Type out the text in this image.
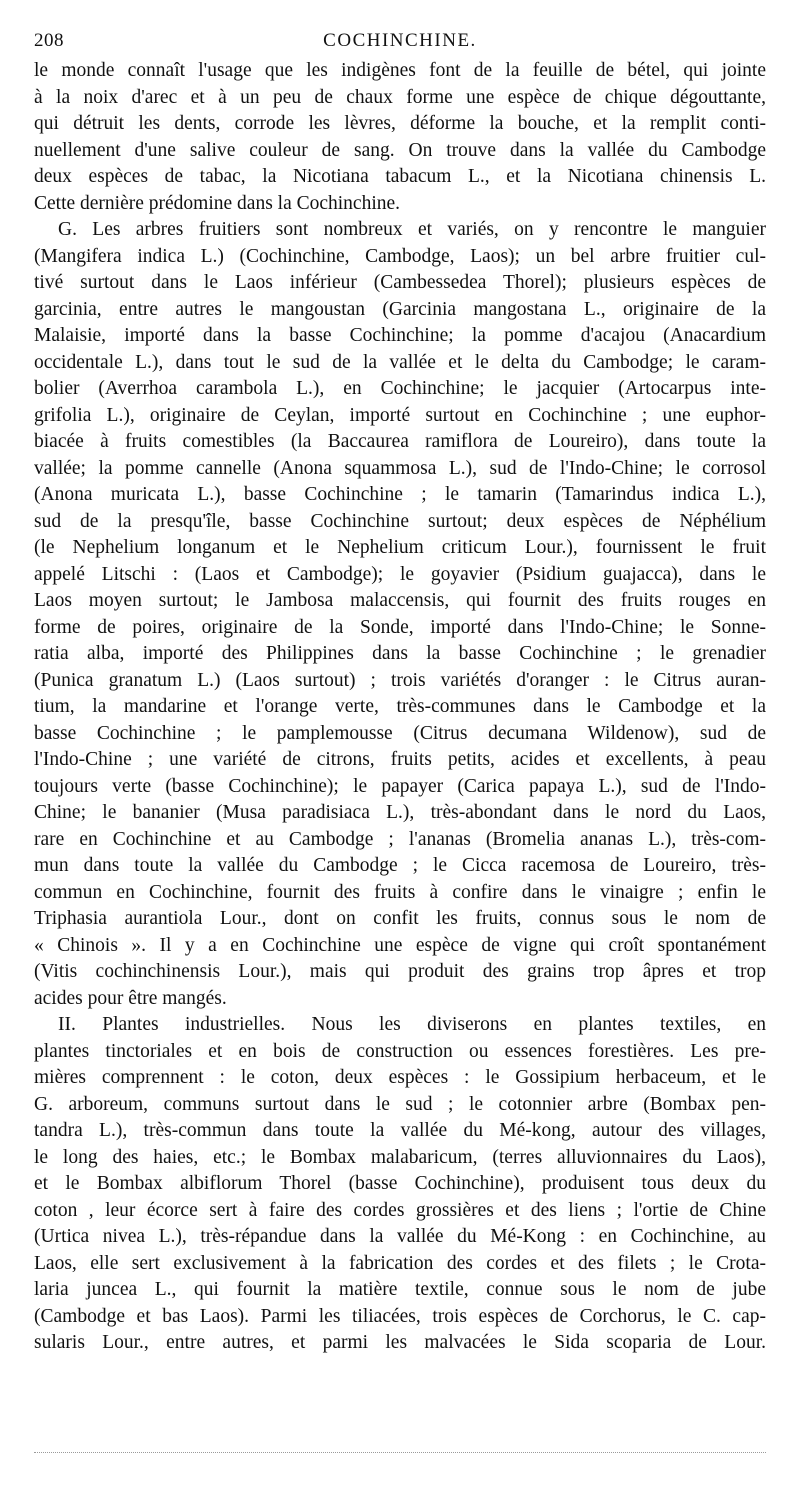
208	COCHINCHINE.
le monde connaît l'usage que les indigènes font de la feuille de bétel, qui jointe
à la noix d'arec et à un peu de chaux forme une espèce de chique dégouttante,
qui détruit les dents, corrode les lèvres, déforme la bouche, et la remplit conti-
nuellement d'une salive couleur de sang. On trouve dans la vallée du Cambodge
deux espèces de tabac, la Nicotiana tabacum L., et la Nicotiana chinensis L.
Cette dernière prédomine dans la Cochinchine.
G. Les arbres fruitiers sont nombreux et variés, on y rencontre le manguier
(Mangifera indica L.) (Cochinchine, Cambodge, Laos); un bel arbre fruitier cul-
tivé surtout dans le Laos inférieur (Cambessedea Thorel); plusieurs espèces de
garcinia, entre autres le mangoustan (Garcinia mangostana L., originaire de la
Malaisie, importé dans la basse Cochinchine; la pomme d'acajou (Anacardium
occidentale L.), dans tout le sud de la vallée et le delta du Cambodge; le caram-
bolier (Averrhoa carambola L.), en Cochinchine; le jacquier (Artocarpus inte-
grifolia L.), originaire de Ceylan, importé surtout en Cochinchine ; une euphor-
biacée à fruits comestibles (la Baccaurea ramiflora de Loureiro), dans toute la
vallée; la pomme cannelle (Anona squammosa L.), sud de l'Indo-Chine; le corrosol
(Anona muricata L.), basse Cochinchine ; le tamarin (Tamarindus indica L.),
sud de la presqu'île, basse Cochinchine surtout; deux espèces de Néphélium
(le Nephelium longanum et le Nephelium criticum Lour.), fournissent le fruit
appelé Litschi : (Laos et Cambodge); le goyavier (Psidium guajacca), dans le
Laos moyen surtout; le Jambosa malaccensis, qui fournit des fruits rouges en
forme de poires, originaire de la Sonde, importé dans l'Indo-Chine; le Sonne-
ratia alba, importé des Philippines dans la basse Cochinchine ; le grenadier
(Punica granatum L.) (Laos surtout) ; trois variétés d'oranger : le Citrus auran-
tium, la mandarine et l'orange verte, très-communes dans le Cambodge et la
basse Cochinchine ; le pamplemousse (Citrus decumana Wildenow), sud de
l'Indo-Chine ; une variété de citrons, fruits petits, acides et excellents, à peau
toujours verte (basse Cochinchine); le papayer (Carica papaya L.), sud de l'Indo-
Chine; le bananier (Musa paradisiaca L.), très-abondant dans le nord du Laos,
rare en Cochinchine et au Cambodge ; l'ananas (Bromelia ananas L.), très-com-
mun dans toute la vallée du Cambodge ; le Cicca racemosa de Loureiro, très-
commun en Cochinchine, fournit des fruits à confire dans le vinaigre ; enfin le
Triphasia aurantiola Lour., dont on confit les fruits, connus sous le nom de
« Chinois ». Il y a en Cochinchine une espèce de vigne qui croît spontanément
(Vitis cochinchinensis Lour.), mais qui produit des grains trop âpres et trop
acides pour être mangés.
II. Plantes industrielles. Nous les diviserons en plantes textiles, en
plantes tinctoriales et en bois de construction ou essences forestières. Les pre-
mières comprennent : le coton, deux espèces : le Gossipium herbaceum, et le
G. arboreum, communs surtout dans le sud ; le cotonnier arbre (Bombax pen-
tandra L.), très-commun dans toute la vallée du Mé-kong, autour des villages,
le long des haies, etc.; le Bombax malabaricum, (terres alluvionnaires du Laos),
et le Bombax albiflorum Thorel (basse Cochinchine), produisent tous deux du
coton , leur écorce sert à faire des cordes grossières et des liens ; l'ortie de Chine
(Urtica nivea L.), très-répandue dans la vallée du Mé-Kong : en Cochinchine, au
Laos, elle sert exclusivement à la fabrication des cordes et des filets ; le Crota-
laria juncea L., qui fournit la matière textile, connue sous le nom de jube
(Cambodge et bas Laos). Parmi les tiliacées, trois espèces de Corchorus, le C. cap-
sularis Lour., entre autres, et parmi les malvacées le Sida scoparia de Lour.
